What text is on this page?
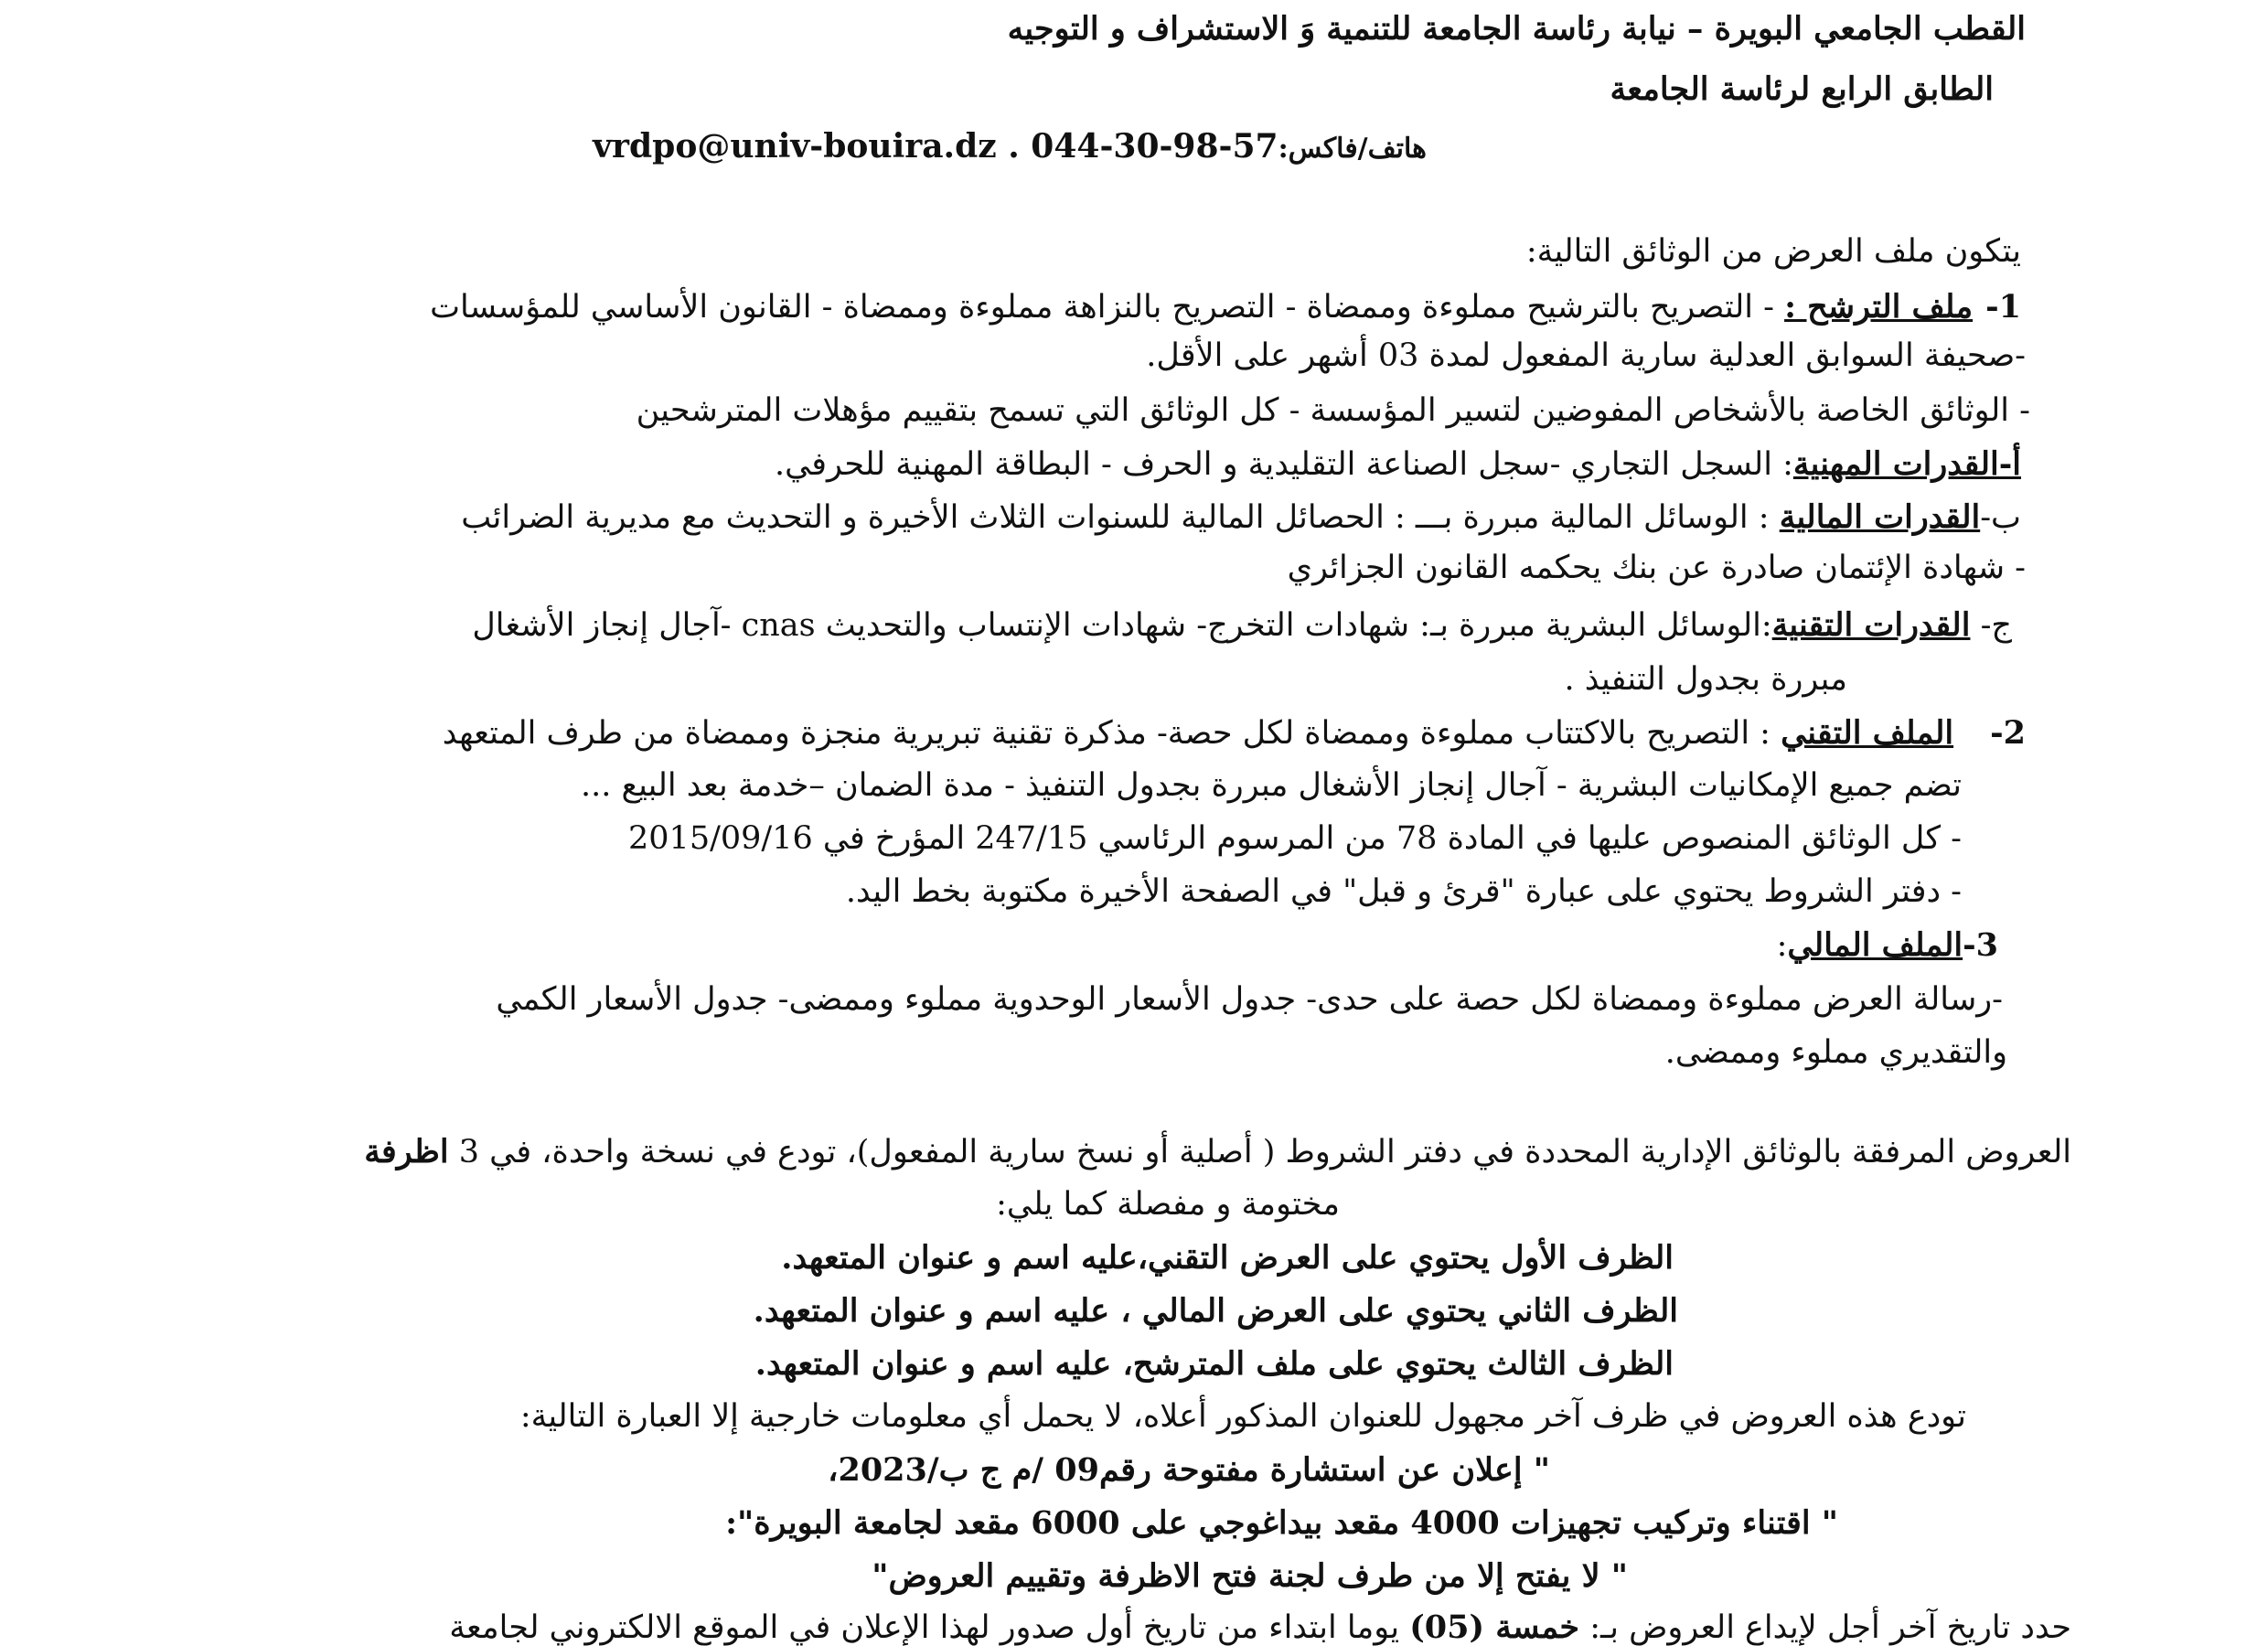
القطب الجامعي البويرة – نيابة رئاسة الجامعة للتنمية وَ الاستشراف و التوجيه
الطابق الرابع لرئاسة الجامعة
هاتف/فاكس:vrdpo@univ-bouira.dz . 044-30-98-57
يتكون ملف العرض من الوثائق التالية:
1-ملف الترشح : - التصريح بالترشيح مملوءة وممضاة - التصريح بالنزاهة مملوءة وممضاة - القانون الأساسي للمؤسسات
-صحيفة السوابق العدلية سارية المفعول لمدة 03 أشهر على الأقل.
- الوثائق الخاصة بالأشخاص المفوضين لتسير المؤسسة - كل الوثائق التي تسمح بتقييم مؤهلات المترشحين
أ-القدرات المهنية: السجل التجاري -سجل الصناعة التقليدية و الحرف - البطاقة المهنية للحرفي.
ب-القدرات المالية : الوسائل المالية مبررة بـــ : الحصائل المالية للسنوات الثلاث الأخيرة و التحديث مع مديرية الضرائب
- شهادة الإئتمان صادرة عن بنك يحكمه القانون الجزائري
ج- القدرات التقنية:الوسائل البشرية مبررة بـ: شهادات التخرج- شهادات الإنتساب والتحديث cnas -آجال إنجاز الأشغال
مبررة بجدول التنفيذ .
2-الملف التقني : التصريح بالاكتتاب مملوءة وممضاة لكل حصة- مذكرة تقنية تبريرية منجزة وممضاة من طرف المتعهد
تضم جميع الإمكانيات البشرية - آجال إنجاز الأشغال مبررة بجدول التنفيذ - مدة الضمان –خدمة بعد البيع ...
- كل الوثائق المنصوص عليها في المادة 78 من المرسوم الرئاسي 247/15 المؤرخ في 2015/09/16
- دفتر الشروط يحتوي على عبارة "قرئ و قبل" في الصفحة الأخيرة مكتوبة بخط اليد.
3-الملف المالي:
-رسالة العرض مملوءة وممضاة لكل حصة على حدى- جدول الأسعار الوحدوية مملوء وممضى- جدول الأسعار الكمي
والتقديري مملوء وممضى.
العروض المرفقة بالوثائق الإدارية المحددة في دفتر الشروط ( أصلية أو نسخ سارية المفعول)، تودع في نسخة واحدة، في 3 اظرفة
مختومة و مفصلة كما يلي:
الظرف الأول يحتوي على العرض التقني،عليه اسم و عنوان المتعهد.
الظرف الثاني يحتوي على العرض المالي ، عليه اسم و عنوان المتعهد.
الظرف الثالث يحتوي على ملف المترشح، عليه اسم و عنوان المتعهد.
تودع هذه العروض في ظرف آخر مجهول للعنوان المذكور أعلاه، لا يحمل أي معلومات خارجية إلا العبارة التالية:
" إعلان عن استشارة مفتوحة رقم09 /م ج ب/2023،
" اقتناء وتركيب تجهيزات 4000 مقعد بيداغوجي على 6000 مقعد لجامعة البويرة":
" لا يفتح إلا من طرف لجنة فتح الاظرفة وتقييم العروض"
حدد تاريخ آخر أجل لإيداع العروض بـ: خمسة (05) يوما ابتداء من تاريخ أول صدور لهذا الإعلان في الموقع الالكتروني لجامعة
